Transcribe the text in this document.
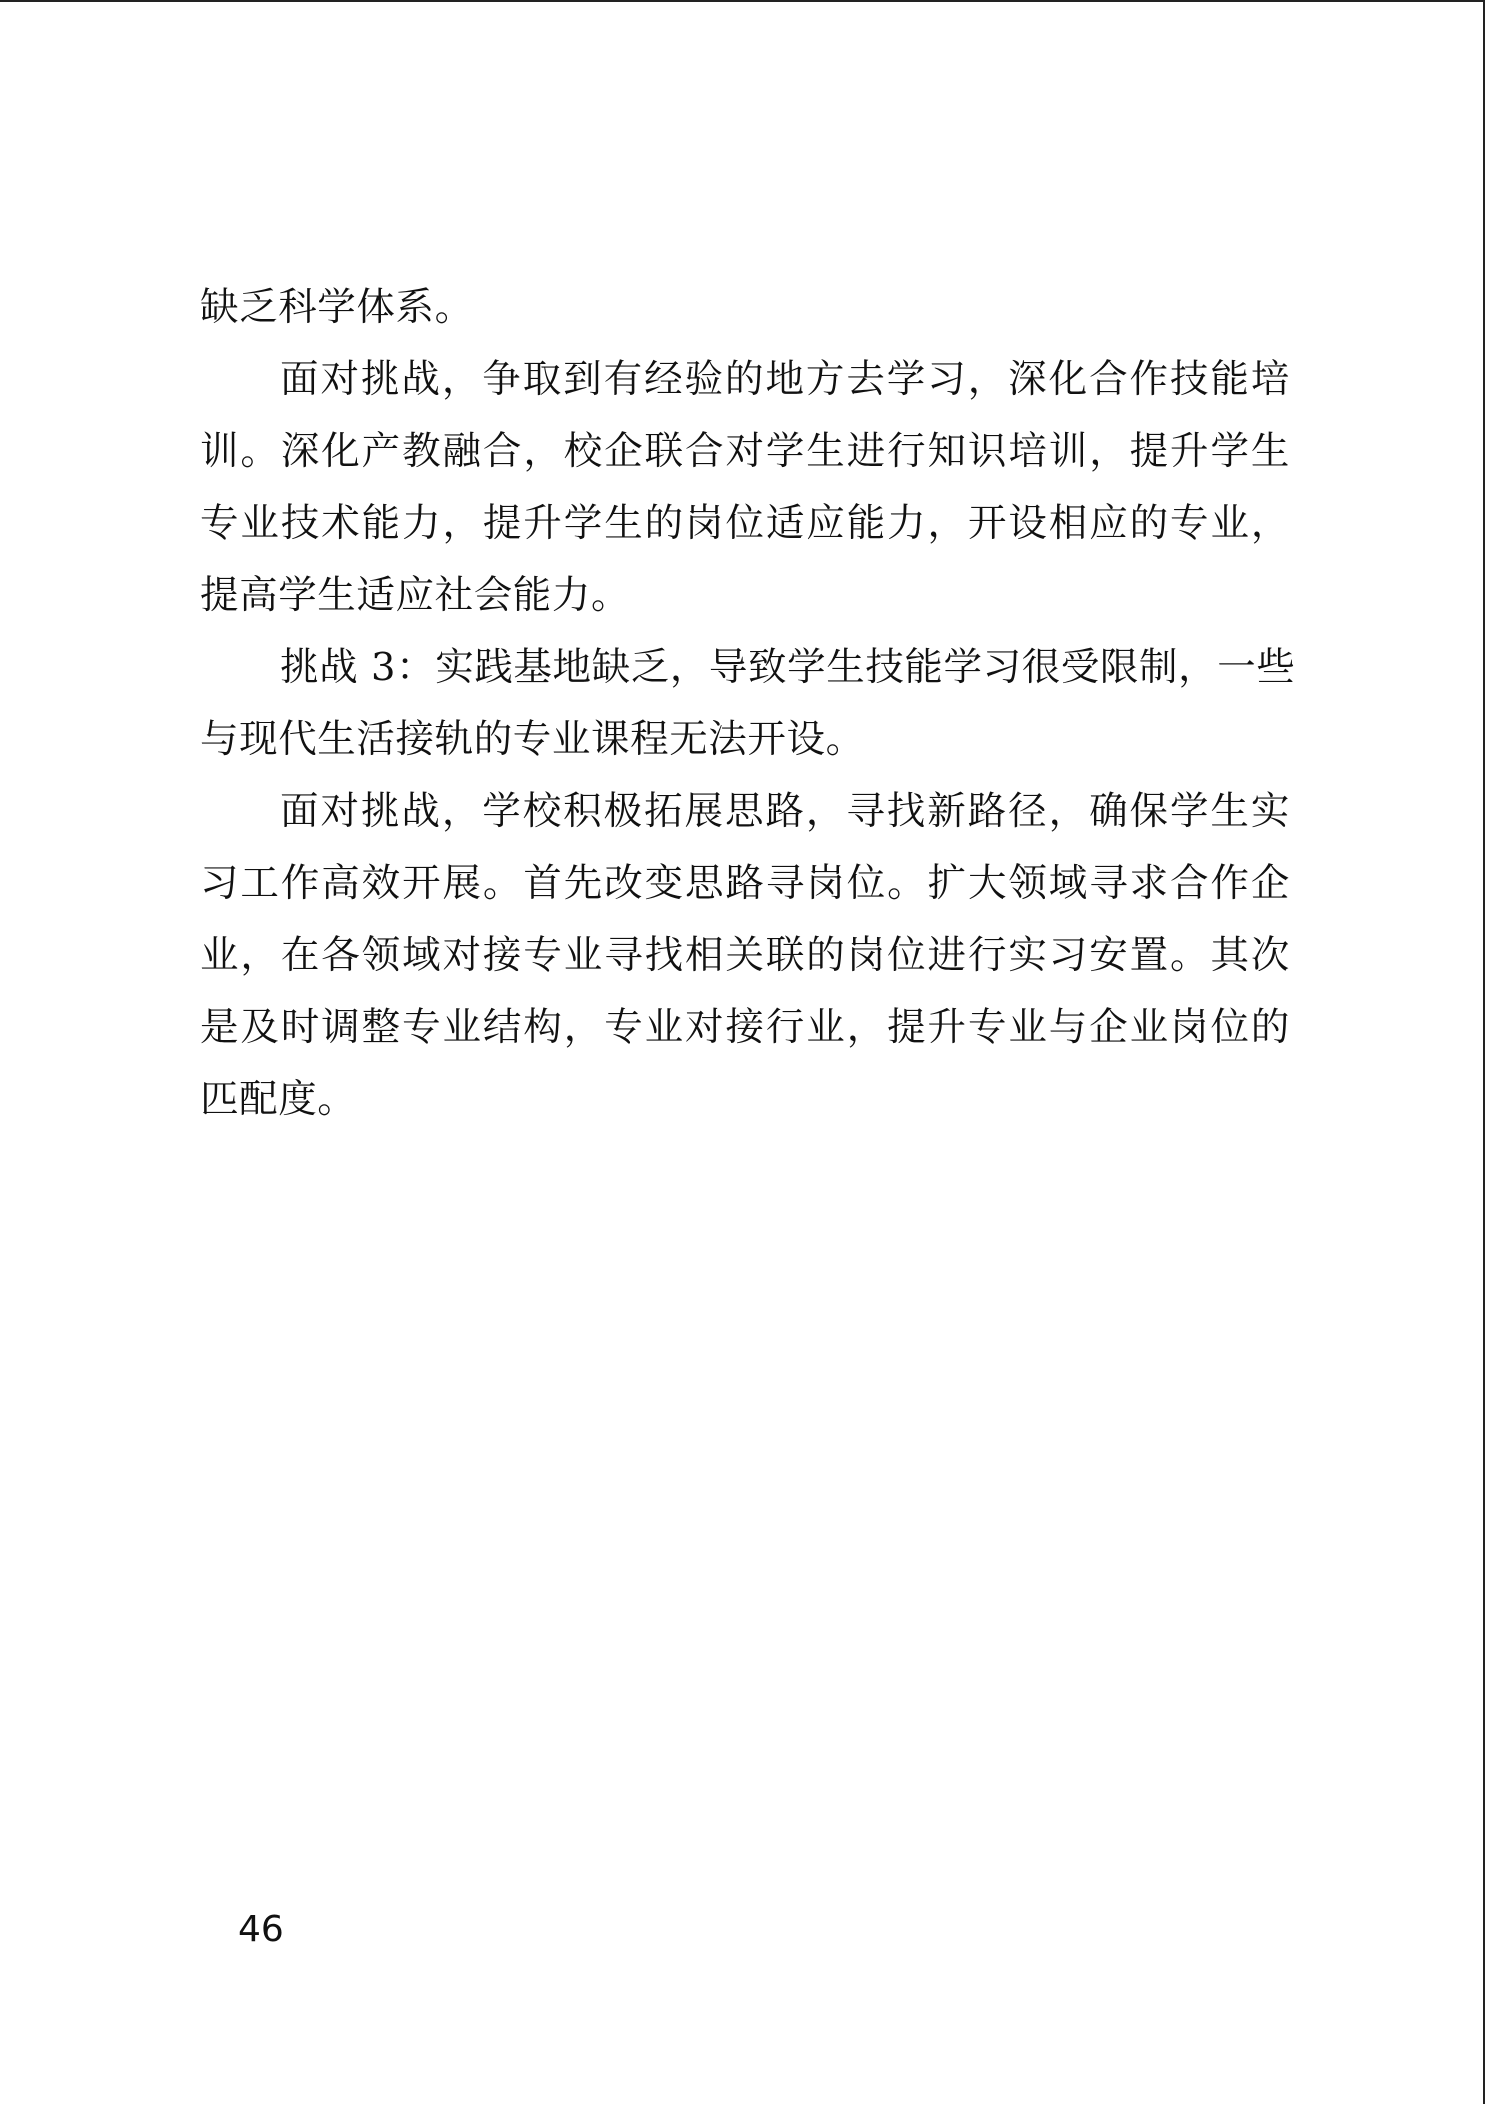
缺乏科学体系。
面对挑战，争取到有经验的地方去学习，深化合作技能培
训。深化产教融合，校企联合对学生进行知识培训，提升学生
专业技术能力，提升学生的岗位适应能力，开设相应的专业，
提高学生适应社会能力。
挑战 3：实践基地缺乏，导致学生技能学习很受限制，一些
与现代生活接轨的专业课程无法开设。
面对挑战，学校积极拓展思路，寻找新路径，确保学生实
习工作高效开展。首先改变思路寻岗位。扩大领域寻求合作企
业，在各领域对接专业寻找相关联的岗位进行实习安置。其次
是及时调整专业结构，专业对接行业，提升专业与企业岗位的
匹配度。
46
